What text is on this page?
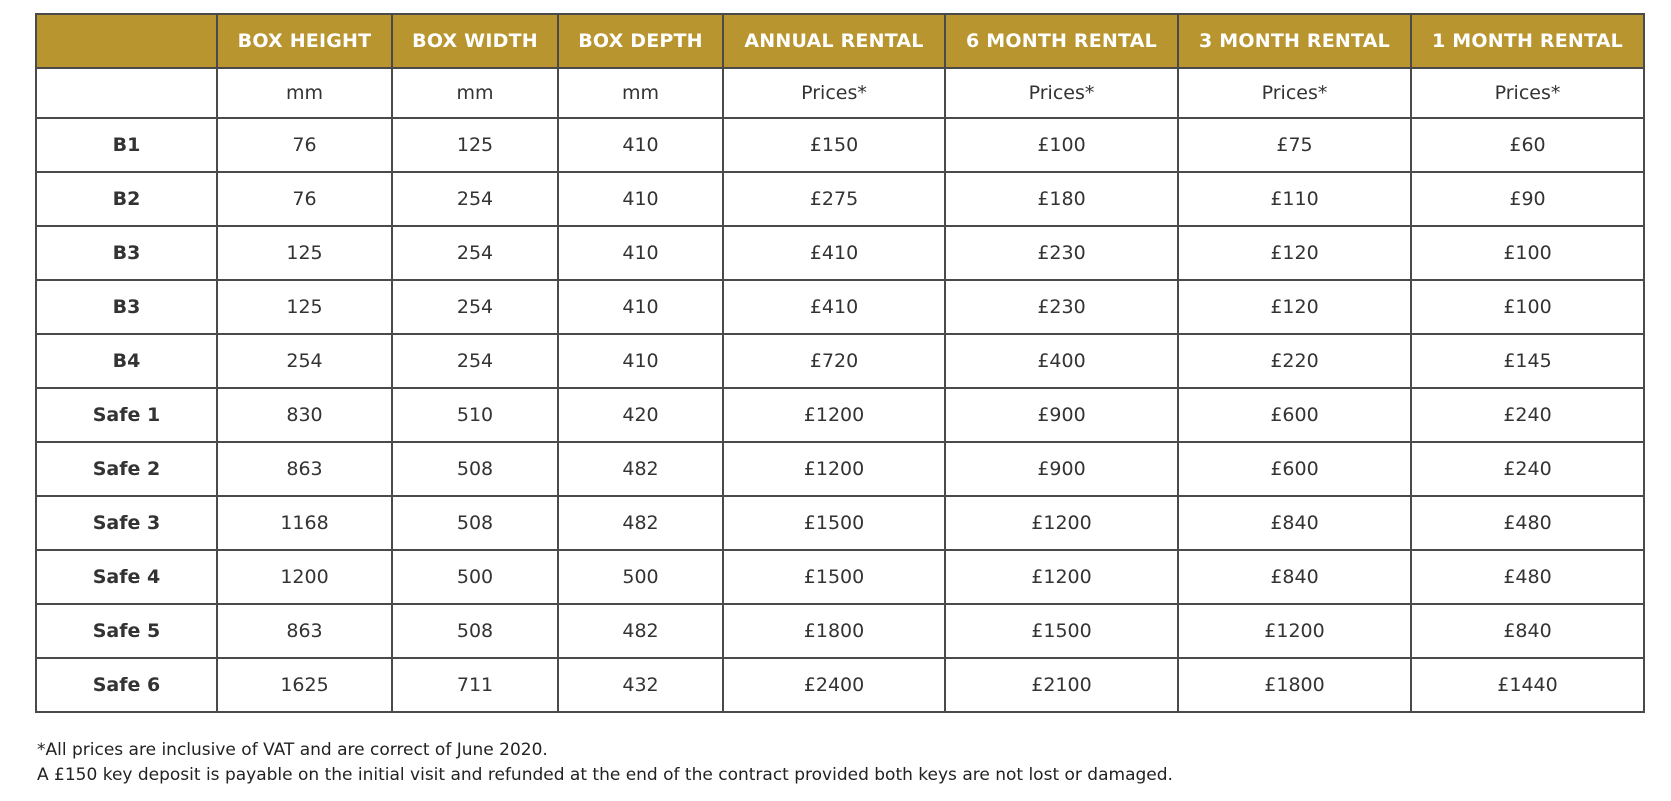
	BOX HEIGHT	BOX WIDTH	BOX DEPTH	ANNUAL RENTAL	6 MONTH RENTAL	3 MONTH RENTAL	1 MONTH RENTAL
	mm	mm	mm	Prices*	Prices*	Prices*	Prices*
B1	76	125	410	£150	£100	£75	£60
B2	76	254	410	£275	£180	£110	£90
B3	125	254	410	£410	£230	£120	£100
B3	125	254	410	£410	£230	£120	£100
B4	254	254	410	£720	£400	£220	£145
Safe 1	830	510	420	£1200	£900	£600	£240
Safe 2	863	508	482	£1200	£900	£600	£240
Safe 3	1168	508	482	£1500	£1200	£840	£480
Safe 4	1200	500	500	£1500	£1200	£840	£480
Safe 5	863	508	482	£1800	£1500	£1200	£840
Safe 6	1625	711	432	£2400	£2100	£1800	£1440
*All prices are inclusive of VAT and are correct of June 2020.
A £150 key deposit is payable on the initial visit and refunded at the end of the contract provided both keys are not lost or damaged.
